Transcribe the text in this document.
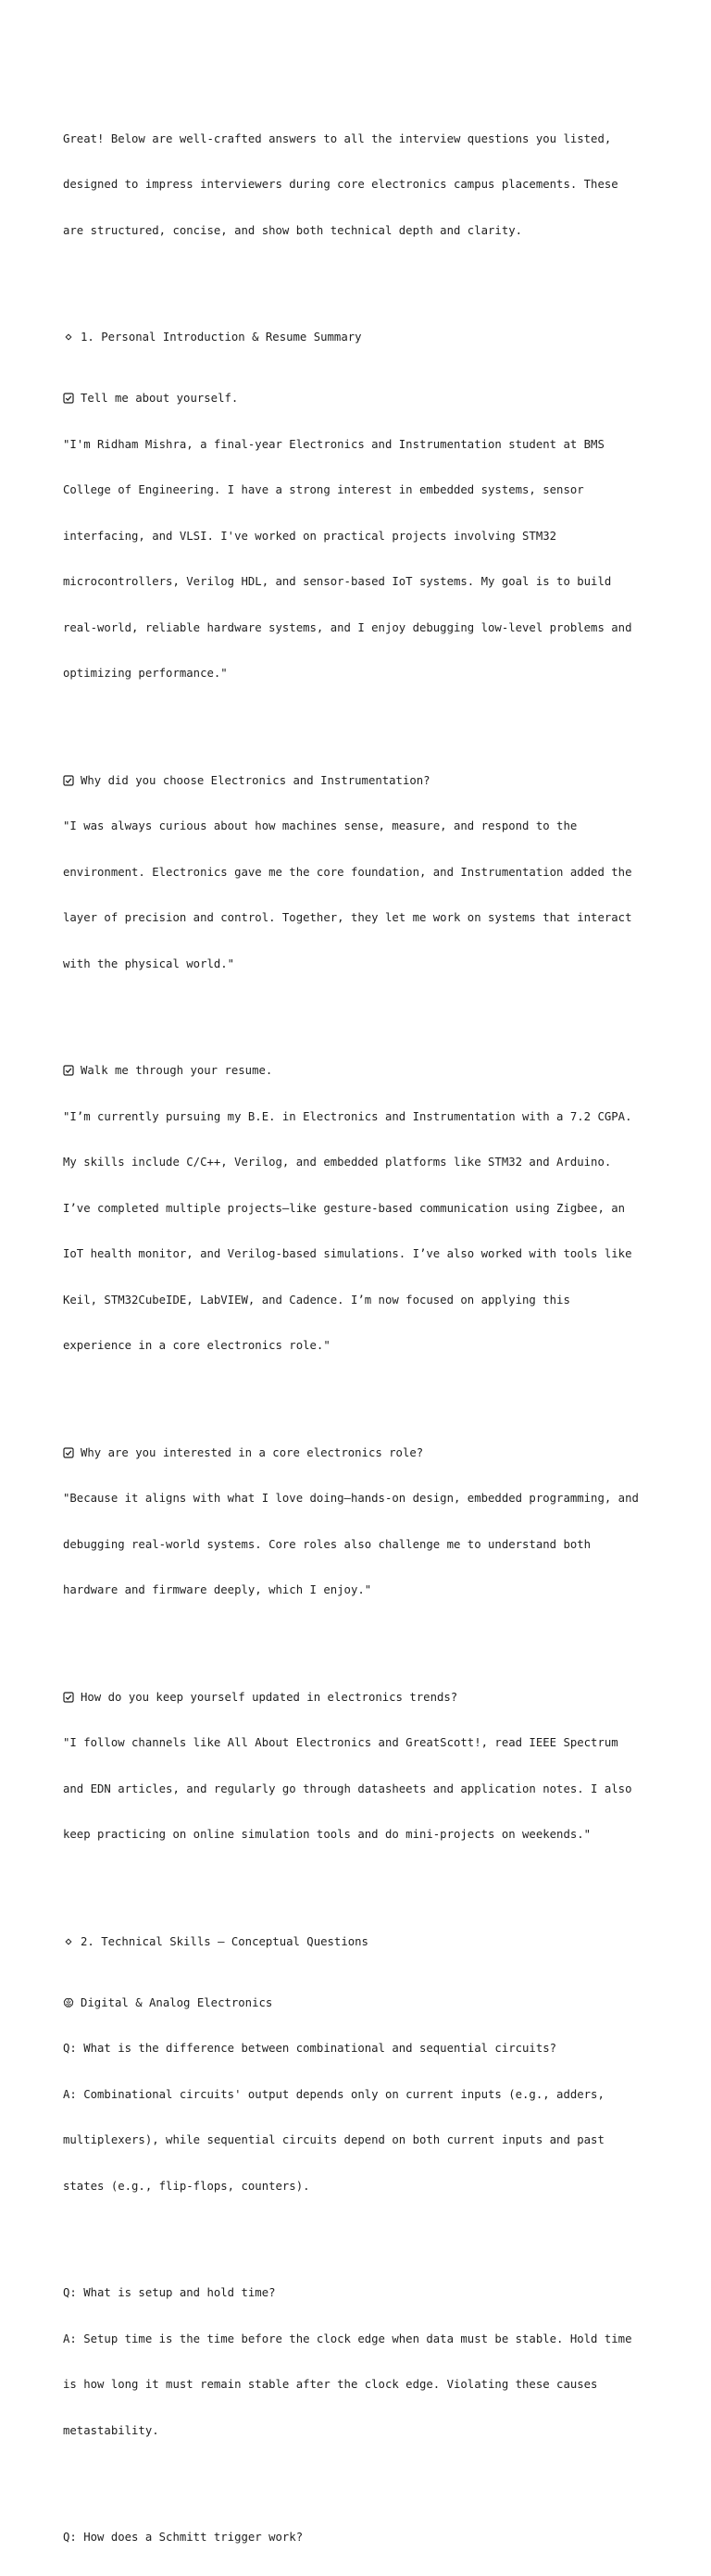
Great! Below are well-crafted answers to all the interview questions you listed,

designed to impress interviewers during core electronics campus placements. These

are structured, concise, and show both technical depth and clarity.

1. Personal Introduction & Resume Summary

Tell me about yourself.

"I'm Ridham Mishra, a final-year Electronics and Instrumentation student at BMS

College of Engineering. I have a strong interest in embedded systems, sensor

interfacing, and VLSI. I've worked on practical projects involving STM32

microcontrollers, Verilog HDL, and sensor-based IoT systems. My goal is to build

real-world, reliable hardware systems, and I enjoy debugging low-level problems and

optimizing performance."

Why did you choose Electronics and Instrumentation?

"I was always curious about how machines sense, measure, and respond to the

environment. Electronics gave me the core foundation, and Instrumentation added the

layer of precision and control. Together, they let me work on systems that interact

with the physical world."

Walk me through your resume.

"I’m currently pursuing my B.E. in Electronics and Instrumentation with a 7.2 CGPA.

My skills include C/C++, Verilog, and embedded platforms like STM32 and Arduino.

I’ve completed multiple projects—like gesture-based communication using Zigbee, an

IoT health monitor, and Verilog-based simulations. I’ve also worked with tools like

Keil, STM32CubeIDE, LabVIEW, and Cadence. I’m now focused on applying this

experience in a core electronics role."

Why are you interested in a core electronics role?

"Because it aligns with what I love doing—hands-on design, embedded programming, and

debugging real-world systems. Core roles also challenge me to understand both

hardware and firmware deeply, which I enjoy."

How do you keep yourself updated in electronics trends?

"I follow channels like All About Electronics and GreatScott!, read IEEE Spectrum

and EDN articles, and regularly go through datasheets and application notes. I also

keep practicing on online simulation tools and do mini-projects on weekends."

2. Technical Skills – Conceptual Questions

Digital & Analog Electronics

Q: What is the difference between combinational and sequential circuits?

A: Combinational circuits' output depends only on current inputs (e.g., adders,

multiplexers), while sequential circuits depend on both current inputs and past

states (e.g., flip-flops, counters).

Q: What is setup and hold time?

A: Setup time is the time before the clock edge when data must be stable. Hold time

is how long it must remain stable after the clock edge. Violating these causes

metastability.

Q: How does a Schmitt trigger work?
